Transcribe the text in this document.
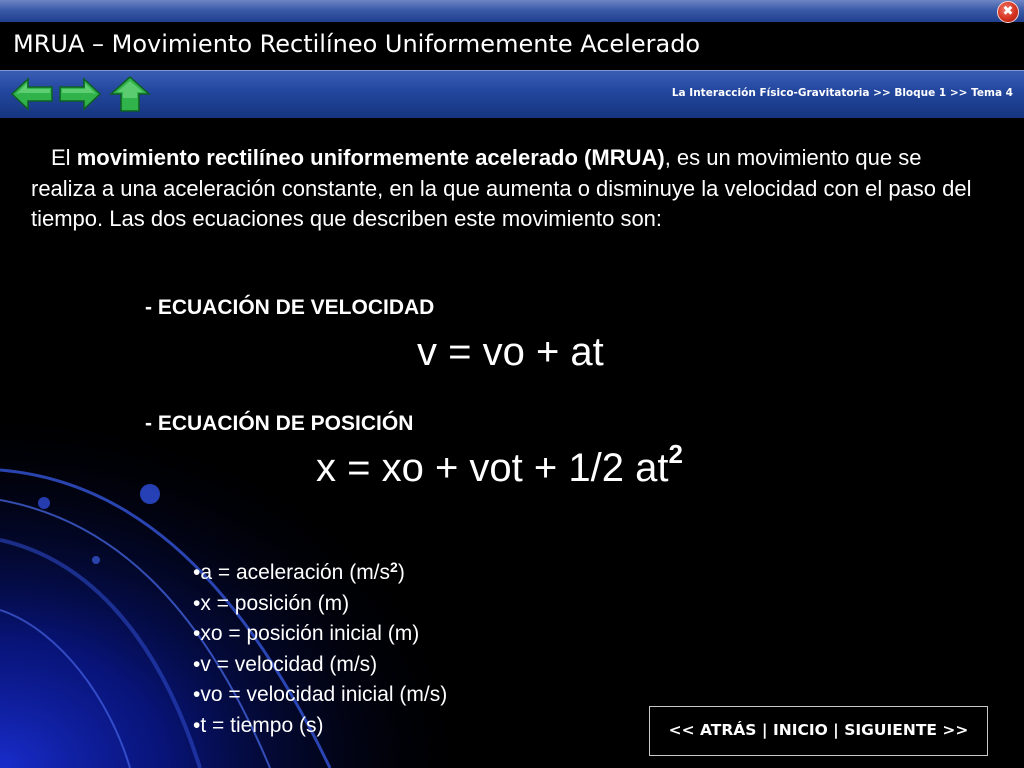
✖
MRUA – Movimiento Rectilíneo Uniformemente Acelerado
La Interacción Físico-Gravitatoria >> Bloque 1 >> Tema 4
El movimiento rectilíneo uniformemente acelerado (MRUA), es un movimiento que se realiza a una aceleración constante, en la que aumenta o disminuye la velocidad con el paso del tiempo. Las dos ecuaciones que describen este movimiento son:
- ECUACIÓN DE VELOCIDAD
v = vo + at
- ECUACIÓN DE POSICIÓN
x = xo + vot + 1/2 $at^2$
•a = aceleración $(m/s^2)$
•x = posición (m)
•xo = posición inicial (m)
•v = velocidad (m/s)
•vo = velocidad inicial (m/s)
•t = tiempo (s)	<< ATRÁS | INICIO | SIGUIENTE >>
